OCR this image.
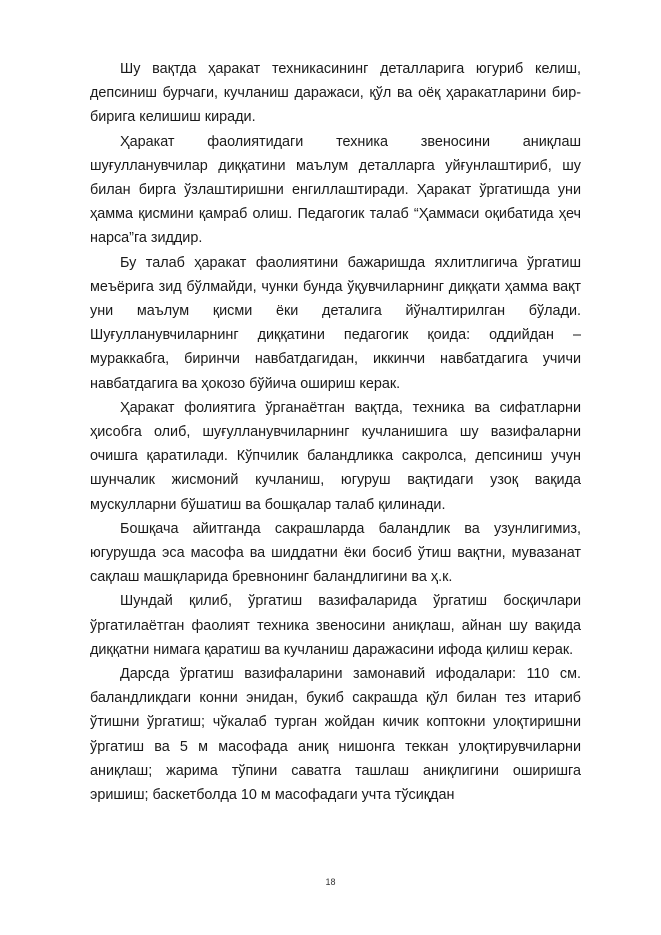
Шу вақтда ҳаракат техникасининг деталларига югуриб келиш, депсиниш бурчаги, кучланиш даражаси, қўл ва оёқ ҳаракатларини бир-бирига келишиш киради.

Ҳаракат фаолиятидаги техника звеносини аниқлаш шуғулланувчилар диққатини маълум деталларга уйғунлаштириб, шу билан бирга ўзлаштиришни енгиллаштиради. Ҳаракат ўргатишда уни ҳамма қисмини қамраб олиш. Педагогик талаб “Ҳаммаси оқибатида ҳеч нарса”га зиддир.

Бу талаб ҳаракат фаолиятини бажаришда яхлитлигича ўргатиш меъёрига зид бўлмайди, чунки бунда ўқувчиларнинг диққати ҳамма вақт уни маълум қисми ёки деталига йўналтирилган бўлади. Шуғулланувчиларнинг диққатини педагогик қоида: оддийдан – мураккабга, биринчи навбатдагидан, иккинчи навбатдагига учичи навбатдагига ва ҳокозо бўйича ошириш керак.

Ҳаракат фолиятига ўрганаётган вақтда, техника ва сифатларни ҳисобга олиб, шуғулланувчиларнинг кучланишига шу вазифаларни очишга қаратилади. Кўпчилик баландликка сакролса, депсиниш учун шунчалик жисмоний кучланиш, югуруш вақтидаги узоқ вақида мускулларни бўшатиш ва бошқалар талаб қилинади.

Бошқача айитганда сакрашларда баландлик ва узунлигимиз, югурушда эса масофа ва шиддатни ёки босиб ўтиш вақтни, мувазанат сақлаш машқларида бревнонинг баландлигини ва ҳ.к.

Шундай қилиб, ўргатиш вазифаларида ўргатиш босқичлари ўргатилаётган фаолият техника звеносини аниқлаш, айнан шу вақида диққатни нимага қаратиш ва кучланиш даражасини ифода қилиш керак.

Дарсда ўргатиш вазифаларини замонавий ифодалари: 110 см. баландликдаги конни энидан, букиб сакрашда қўл билан тез итариб ўтишни ўргатиш; чўкалаб турган жойдан кичик коптокни улоқтиришни ўргатиш ва 5 м масофада аниқ нишонга теккан улоқтирувчиларни аниқлаш; жарима тўпини саватга ташлаш аниқлигини оширишга эришиш; баскетболда 10 м масофадаги учта тўсиқдан

18
